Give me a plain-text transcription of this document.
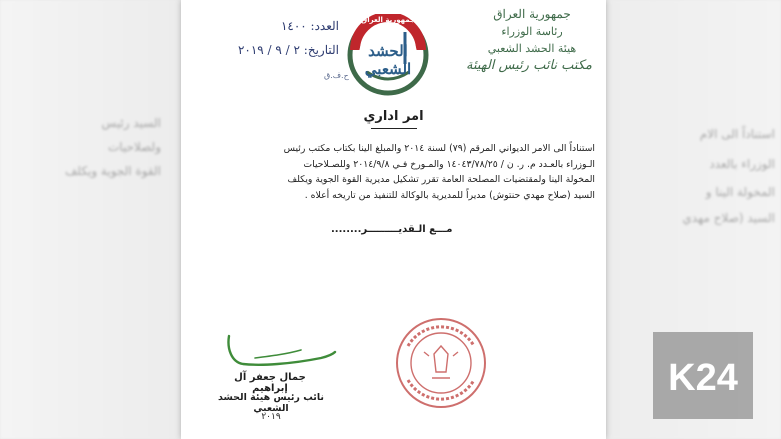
السيد رئيس
ولصلاحيات
القوة الجوية ويكلف
استناداً الى الام
الوزراء بالعدد
المخولة الينا و
السيد (صلاح مهدي
جمهورية العراق
رئاسة الوزراء
هيئة الحشد الشعبي
مكتب نائب رئيس الهيئة
جمهورية العراق
الحشد الشعبي
العدد: ١٤٠٠
التاريخ: ٢ / ٩ / ٢٠١٩
ح.ف.ق
امر اداري
استناداً الى الامر الديواني المرقم (٧٩) لسنة ٢٠١٤ والمبلغ الينا بكتاب مكتب رئيس
الـوزراء بالعـدد م. ر. ن / ١٤٠٤٣/٧٨/٢٥ والمـورخ فـي ٢٠١٤/٩/٨ وللصـلاحيات
المخولة الينا ولمقتضيات المصلحة العامة تقرر تشكيل مديرية القوة الجوية ويكلف
السيد (صلاح مهدي حنتوش) مديراً للمديرية بالوكالة للتنفيذ من تاريخه أعلاه .
مـــع الـقديـــــــــر........
جمال جعفر آل إبراهيم
نائب رئيس هيئة الحشد الشعبي
٢٠١٩
K24
